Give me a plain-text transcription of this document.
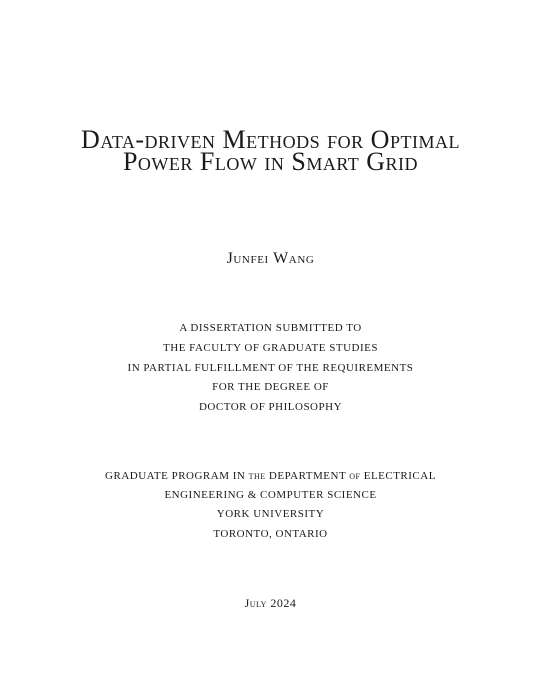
Data-driven Methods for Optimal
Power Flow in Smart Grid

Junfei Wang

A DISSERTATION SUBMITTED TO

THE FACULTY OF GRADUATE STUDIES

IN PARTIAL FULFILLMENT OF THE REQUIREMENTS

FOR THE DEGREE OF

DOCTOR OF PHILOSOPHY

GRADUATE PROGRAM IN the DEPARTMENT of ELECTRICAL

ENGINEERING & COMPUTER SCIENCE

YORK UNIVERSITY

TORONTO, ONTARIO

July 2024
